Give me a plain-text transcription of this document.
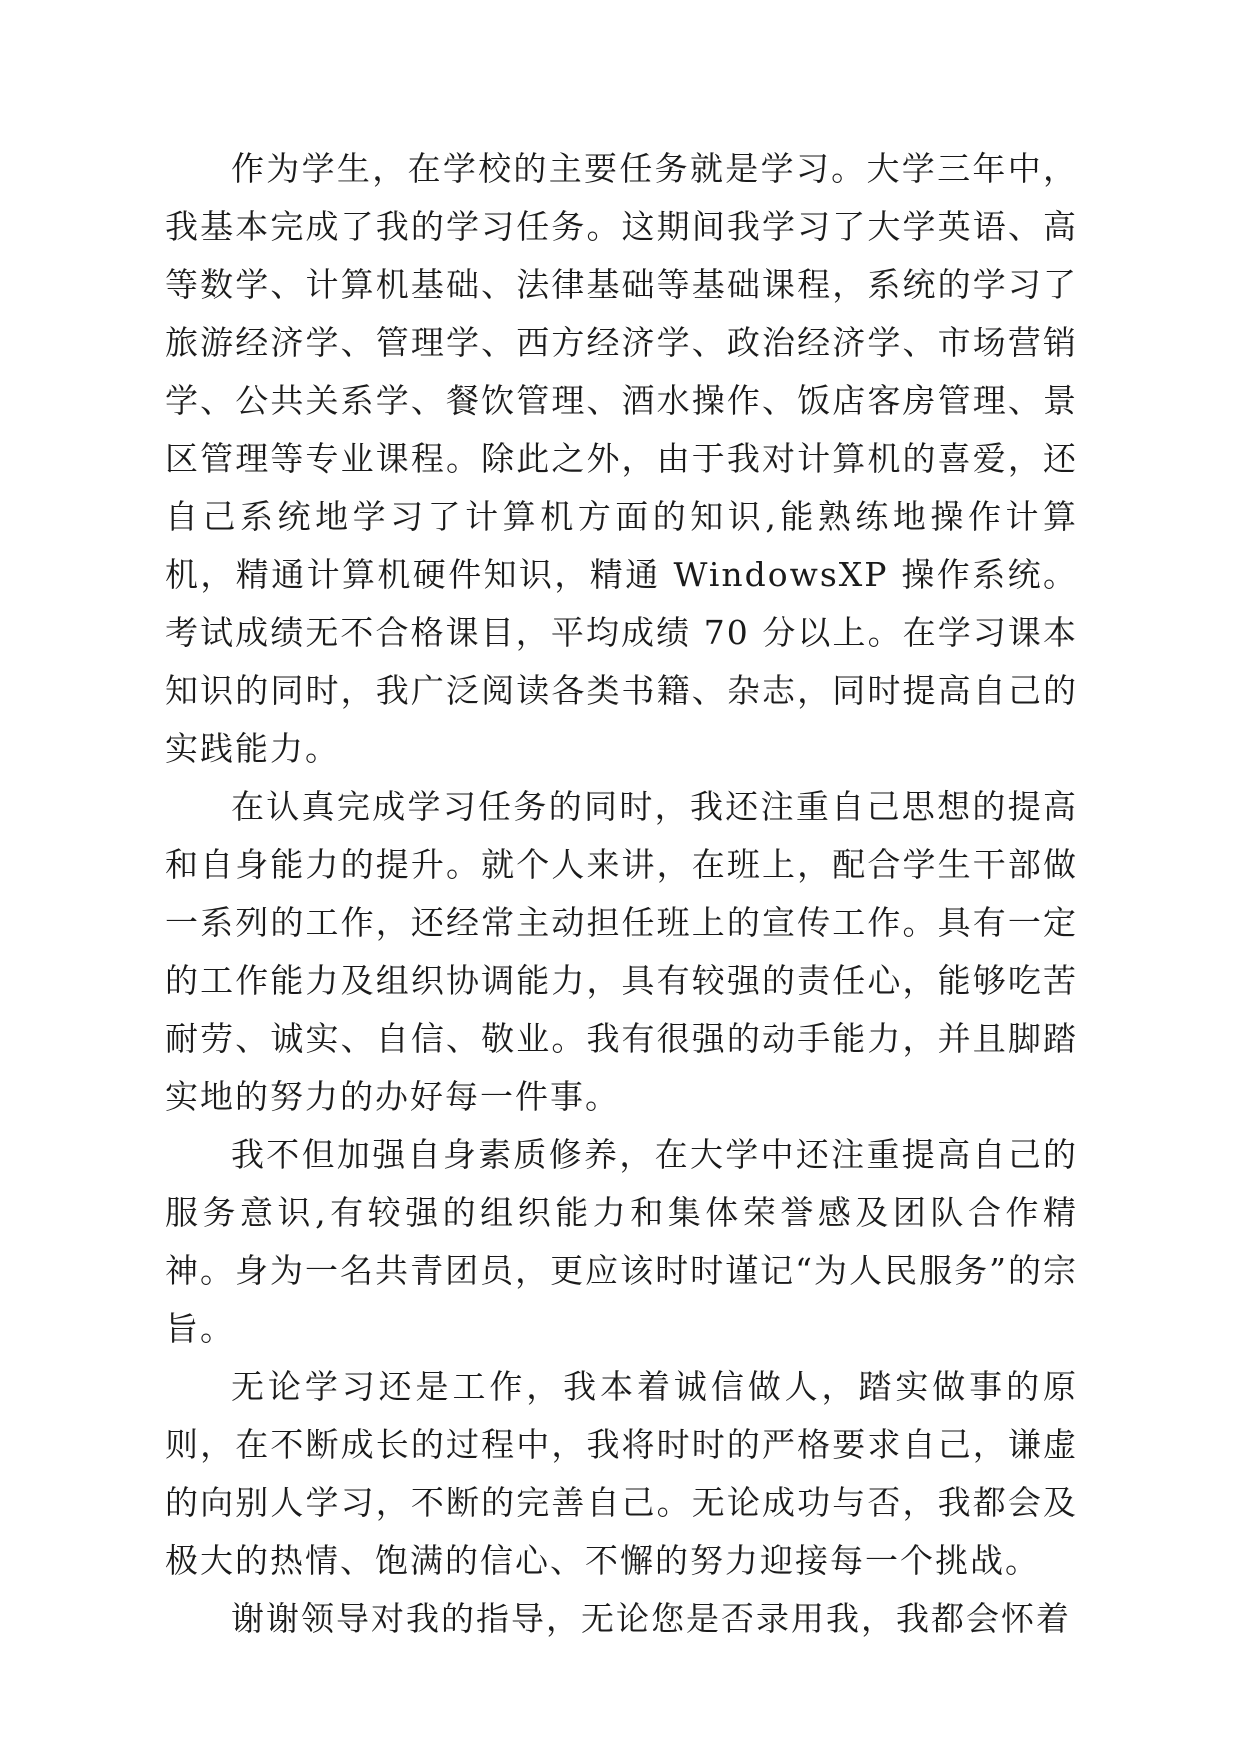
作为学生，在学校的主要任务就是学习。大学三年中，我基本完成了我的学习任务。这期间我学习了大学英语、高等数学、计算机基础、法律基础等基础课程，系统的学习了旅游经济学、管理学、西方经济学、政治经济学、市场营销学、公共关系学、餐饮管理、酒水操作、饭店客房管理、景区管理等专业课程。除此之外，由于我对计算机的喜爱，还自己系统地学习了计算机方面的知识,能熟练地操作计算机，精通计算机硬件知识，精通 WindowsXP 操作系统。考试成绩无不合格课目，平均成绩 70 分以上。在学习课本知识的同时，我广泛阅读各类书籍、杂志，同时提高自己的实践能力。

在认真完成学习任务的同时，我还注重自己思想的提高和自身能力的提升。就个人来讲，在班上，配合学生干部做一系列的工作，还经常主动担任班上的宣传工作。具有一定的工作能力及组织协调能力，具有较强的责任心，能够吃苦耐劳、诚实、自信、敬业。我有很强的动手能力，并且脚踏实地的努力的办好每一件事。

我不但加强自身素质修养，在大学中还注重提高自己的服务意识,有较强的组织能力和集体荣誉感及团队合作精神。身为一名共青团员，更应该时时谨记“为人民服务”的宗旨。

无论学习还是工作，我本着诚信做人，踏实做事的原则，在不断成长的过程中，我将时时的严格要求自己，谦虚的向别人学习，不断的完善自己。无论成功与否，我都会及极大的热情、饱满的信心、不懈的努力迎接每一个挑战。

谢谢领导对我的指导，无论您是否录用我，我都会怀着
